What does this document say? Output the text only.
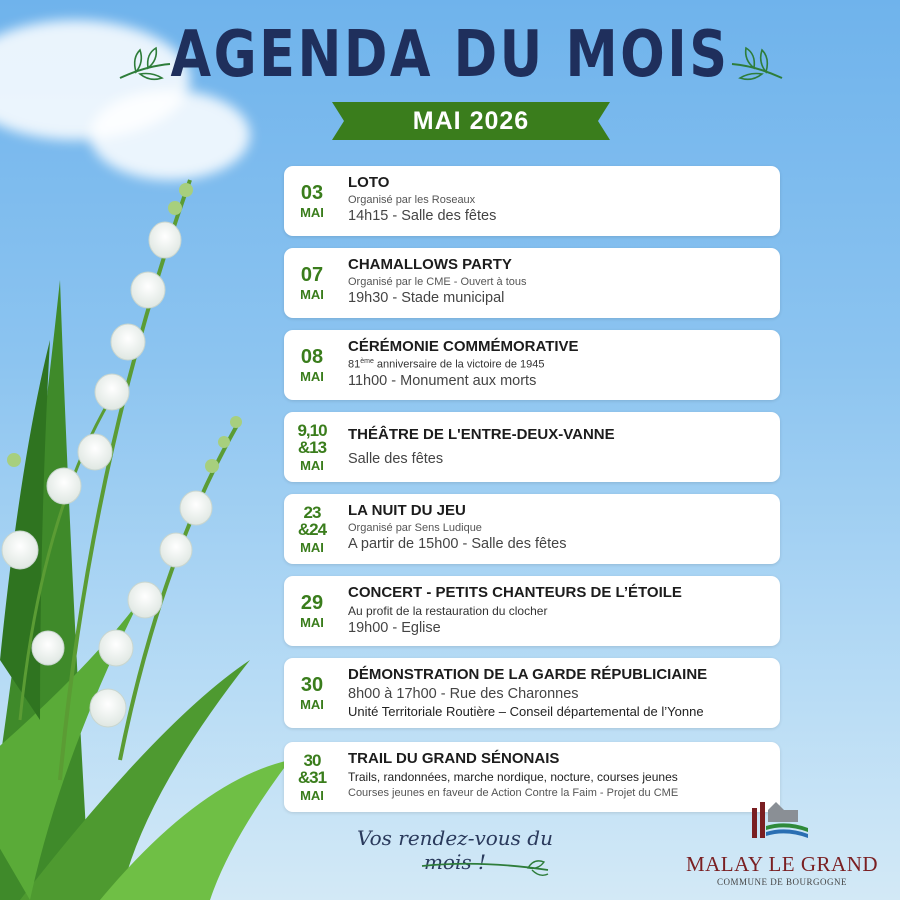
AGENDA DU MOIS
MAI 2026
03
MAI
LOTO
Organisé par les Roseaux
14h15 - Salle des fêtes
07
MAI
CHAMALLOWS PARTY
Organisé par le CME - Ouvert à tous
19h30 - Stade municipal
08
MAI
CÉRÉMONIE COMMÉMORATIVE
81ème anniversaire de la victoire de 1945
11h00 - Monument aux morts
9,10
&13
MAI
THÉÂTRE DE L'ENTRE-DEUX-VANNE
Salle des fêtes
23
&24
MAI
LA NUIT DU JEU
Organisé par Sens Ludique
A partir de 15h00 - Salle des fêtes
29
MAI
CONCERT - PETITS CHANTEURS DE L’ÉTOILE
Au profit de la restauration du clocher
19h00 - Eglise
30
MAI
DÉMONSTRATION DE LA GARDE RÉPUBLICIAINE
8h00 à 17h00 - Rue des Charonnes
Unité Territoriale Routière – Conseil départemental de l’Yonne
30
&31
MAI
TRAIL DU GRAND SÉNONAIS
Trails, randonnées, marche nordique, nocture, courses jeunes
Courses jeunes en faveur de Action Contre la Faim - Projet du CME
Vos rendez-vous du mois !	MALAY LE GRAND
COMMUNE DE BOURGOGNE
